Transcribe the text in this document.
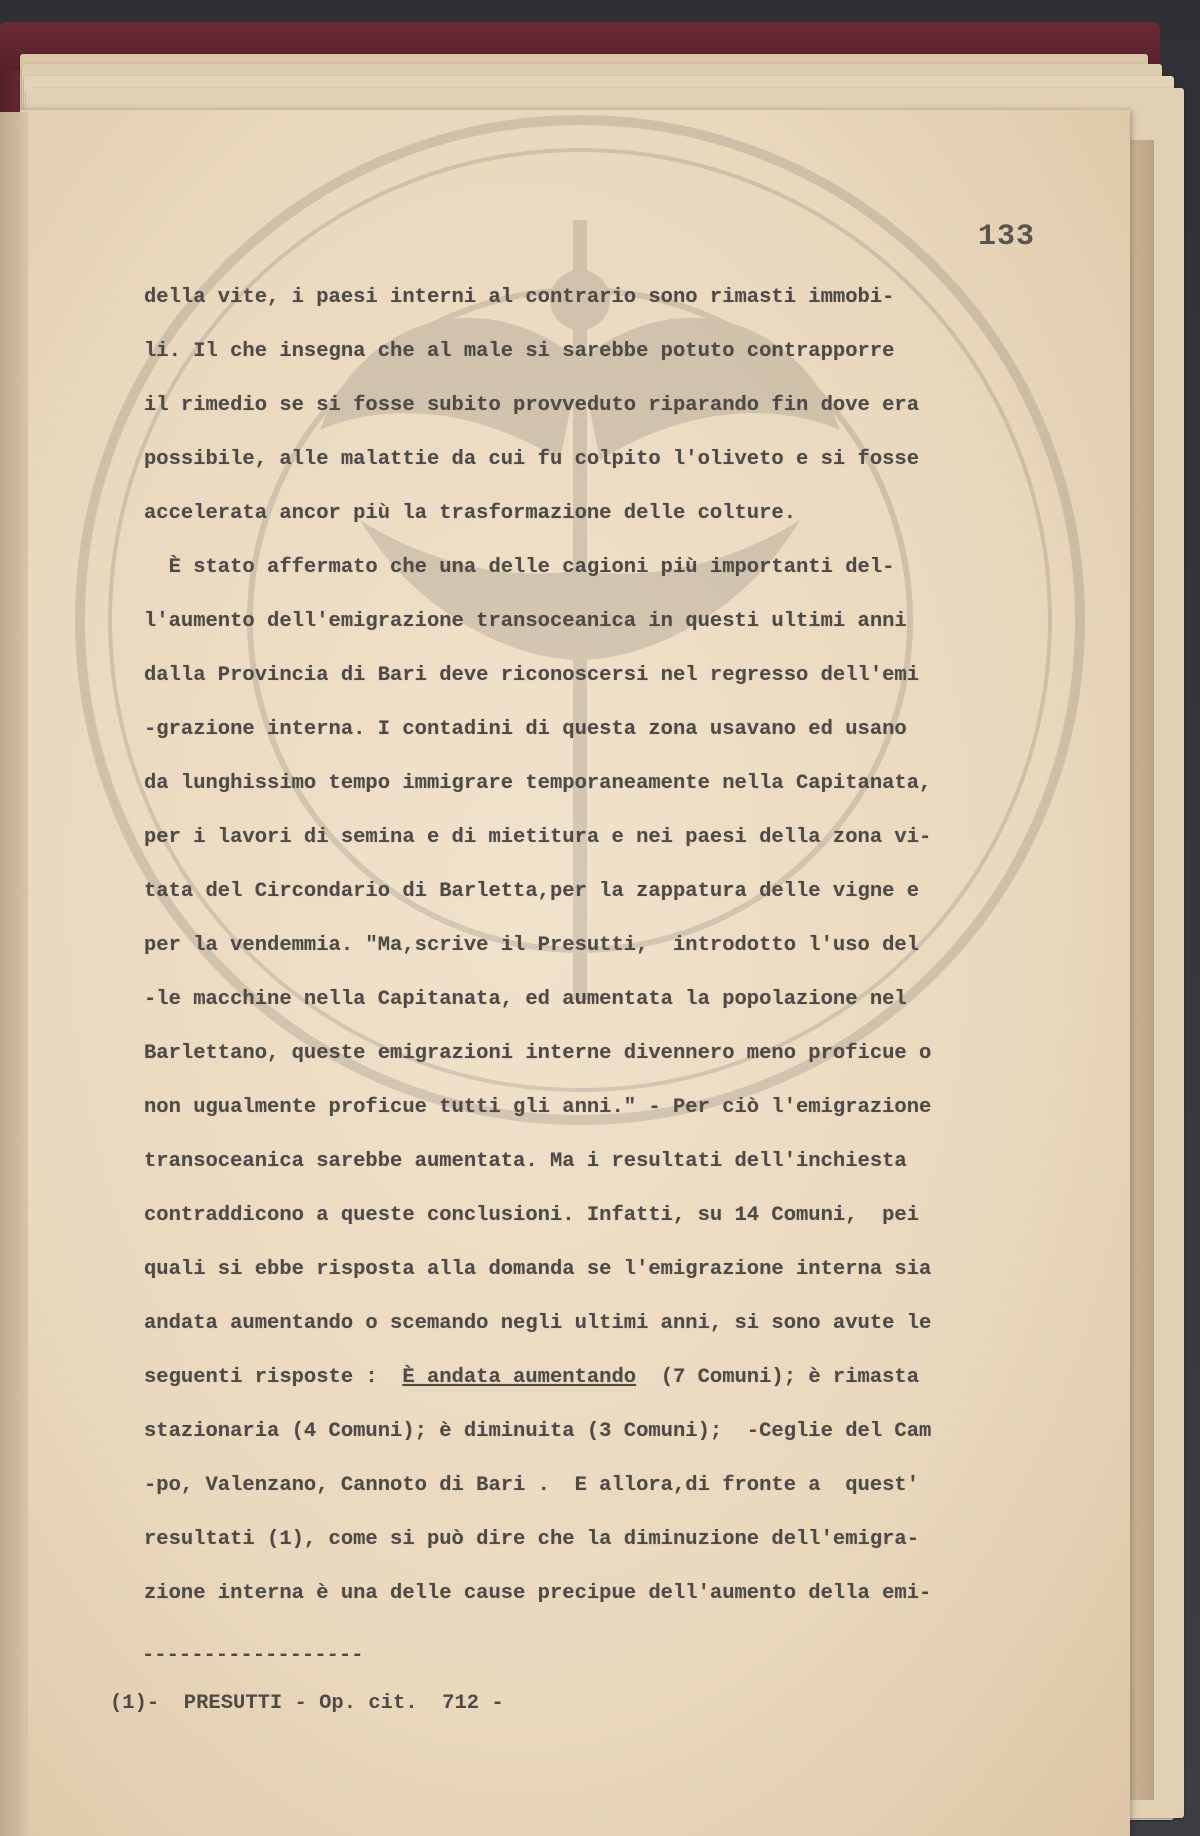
133
della vite, i paesi interni al contrario sono rimasti immobi-
li. Il che insegna che al male si sarebbe potuto contrapporre
il rimedio se si fosse subito provveduto riparando fin dove era
possibile, alle malattie da cui fu colpito l'oliveto e si fosse
accelerata ancor più la trasformazione delle colture.
È stato affermato che una delle cagioni più importanti del-
l'aumento dell'emigrazione transoceanica in questi ultimi anni
dalla Provincia di Bari deve riconoscersi nel regresso dell'emi
-grazione interna. I contadini di questa zona usavano ed usano
da lunghissimo tempo immigrare temporaneamente nella Capitanata,
per i lavori di semina e di mietitura e nei paesi della zona vi-
tata del Circondario di Barletta,per la zappatura delle vigne e
per la vendemmia. "Ma,scrive il Presutti,  introdotto l'uso del
-le macchine nella Capitanata, ed aumentata la popolazione nel
Barlettano, queste emigrazioni interne divennero meno proficue o
non ugualmente proficue tutti gli anni." - Per ciò l'emigrazione
transoceanica sarebbe aumentata. Ma i resultati dell'inchiesta
contraddicono a queste conclusioni. Infatti, su 14 Comuni,  pei
quali si ebbe risposta alla domanda se l'emigrazione interna sia
andata aumentando o scemando negli ultimi anni, si sono avute le
seguenti risposte :  È andata aumentando  (7 Comuni); è rimasta
stazionaria (4 Comuni); è diminuita (3 Comuni);  -Ceglie del Cam
-po, Valenzano, Cannoto di Bari .  E allora,di fronte a  quest'
resultati (1), come si può dire che la diminuzione dell'emigra-
zione interna è una delle cause precipue dell'aumento della emi-
------------------
(1)-  PRESUTTI - Op. cit.  712 -
